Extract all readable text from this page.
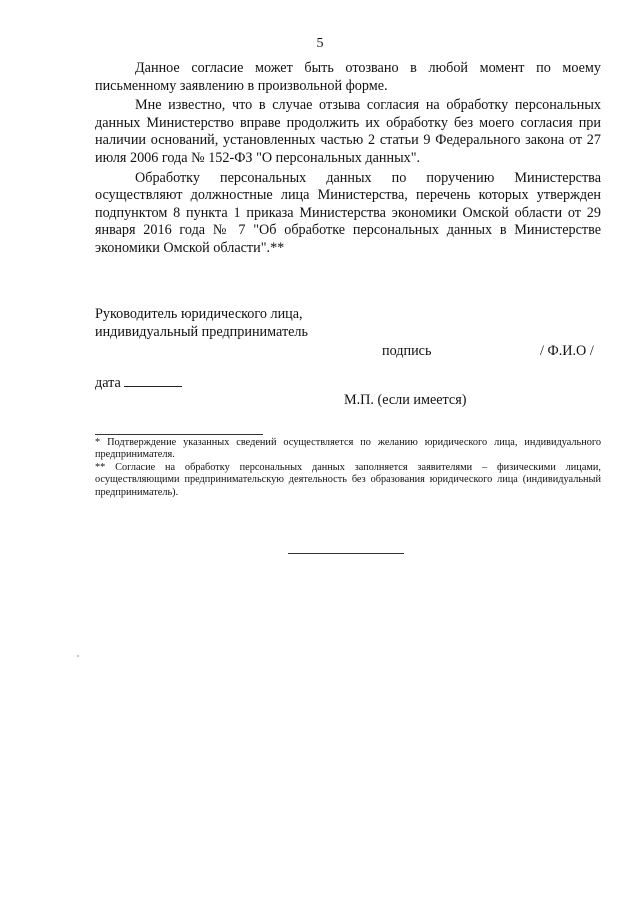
5

Данное согласие может быть отозвано в любой момент по моему письменному заявлению в произвольной форме.

Мне известно, что в случае отзыва согласия на обработку персональных данных Министерство вправе продолжить их обработку без моего согласия при наличии оснований, установленных частью 2 статьи 9 Федерального закона от 27 июля 2006 года № 152-ФЗ "О персональных данных".

Обработку персональных данных по поручению Министерства осуществляют должностные лица Министерства, перечень которых утвержден подпунктом 8 пункта 1 приказа Министерства экономики Омской области от 29 января 2016 года № 7 "Об обработке персональных данных в Министерстве экономики Омской области".**

Руководитель юридического лица,
индивидуальный предприниматель
подпись	/ Ф.И.О /
дата
М.П. (если имеется)

* Подтверждение указанных сведений осуществляется по желанию юридического лица, индивидуального предпринимателя.

** Согласие на обработку персональных данных заполняется заявителями – физическими лицами, осуществляющими предпринимательскую деятельность без образования юридического лица (индивидуальный предприниматель).
